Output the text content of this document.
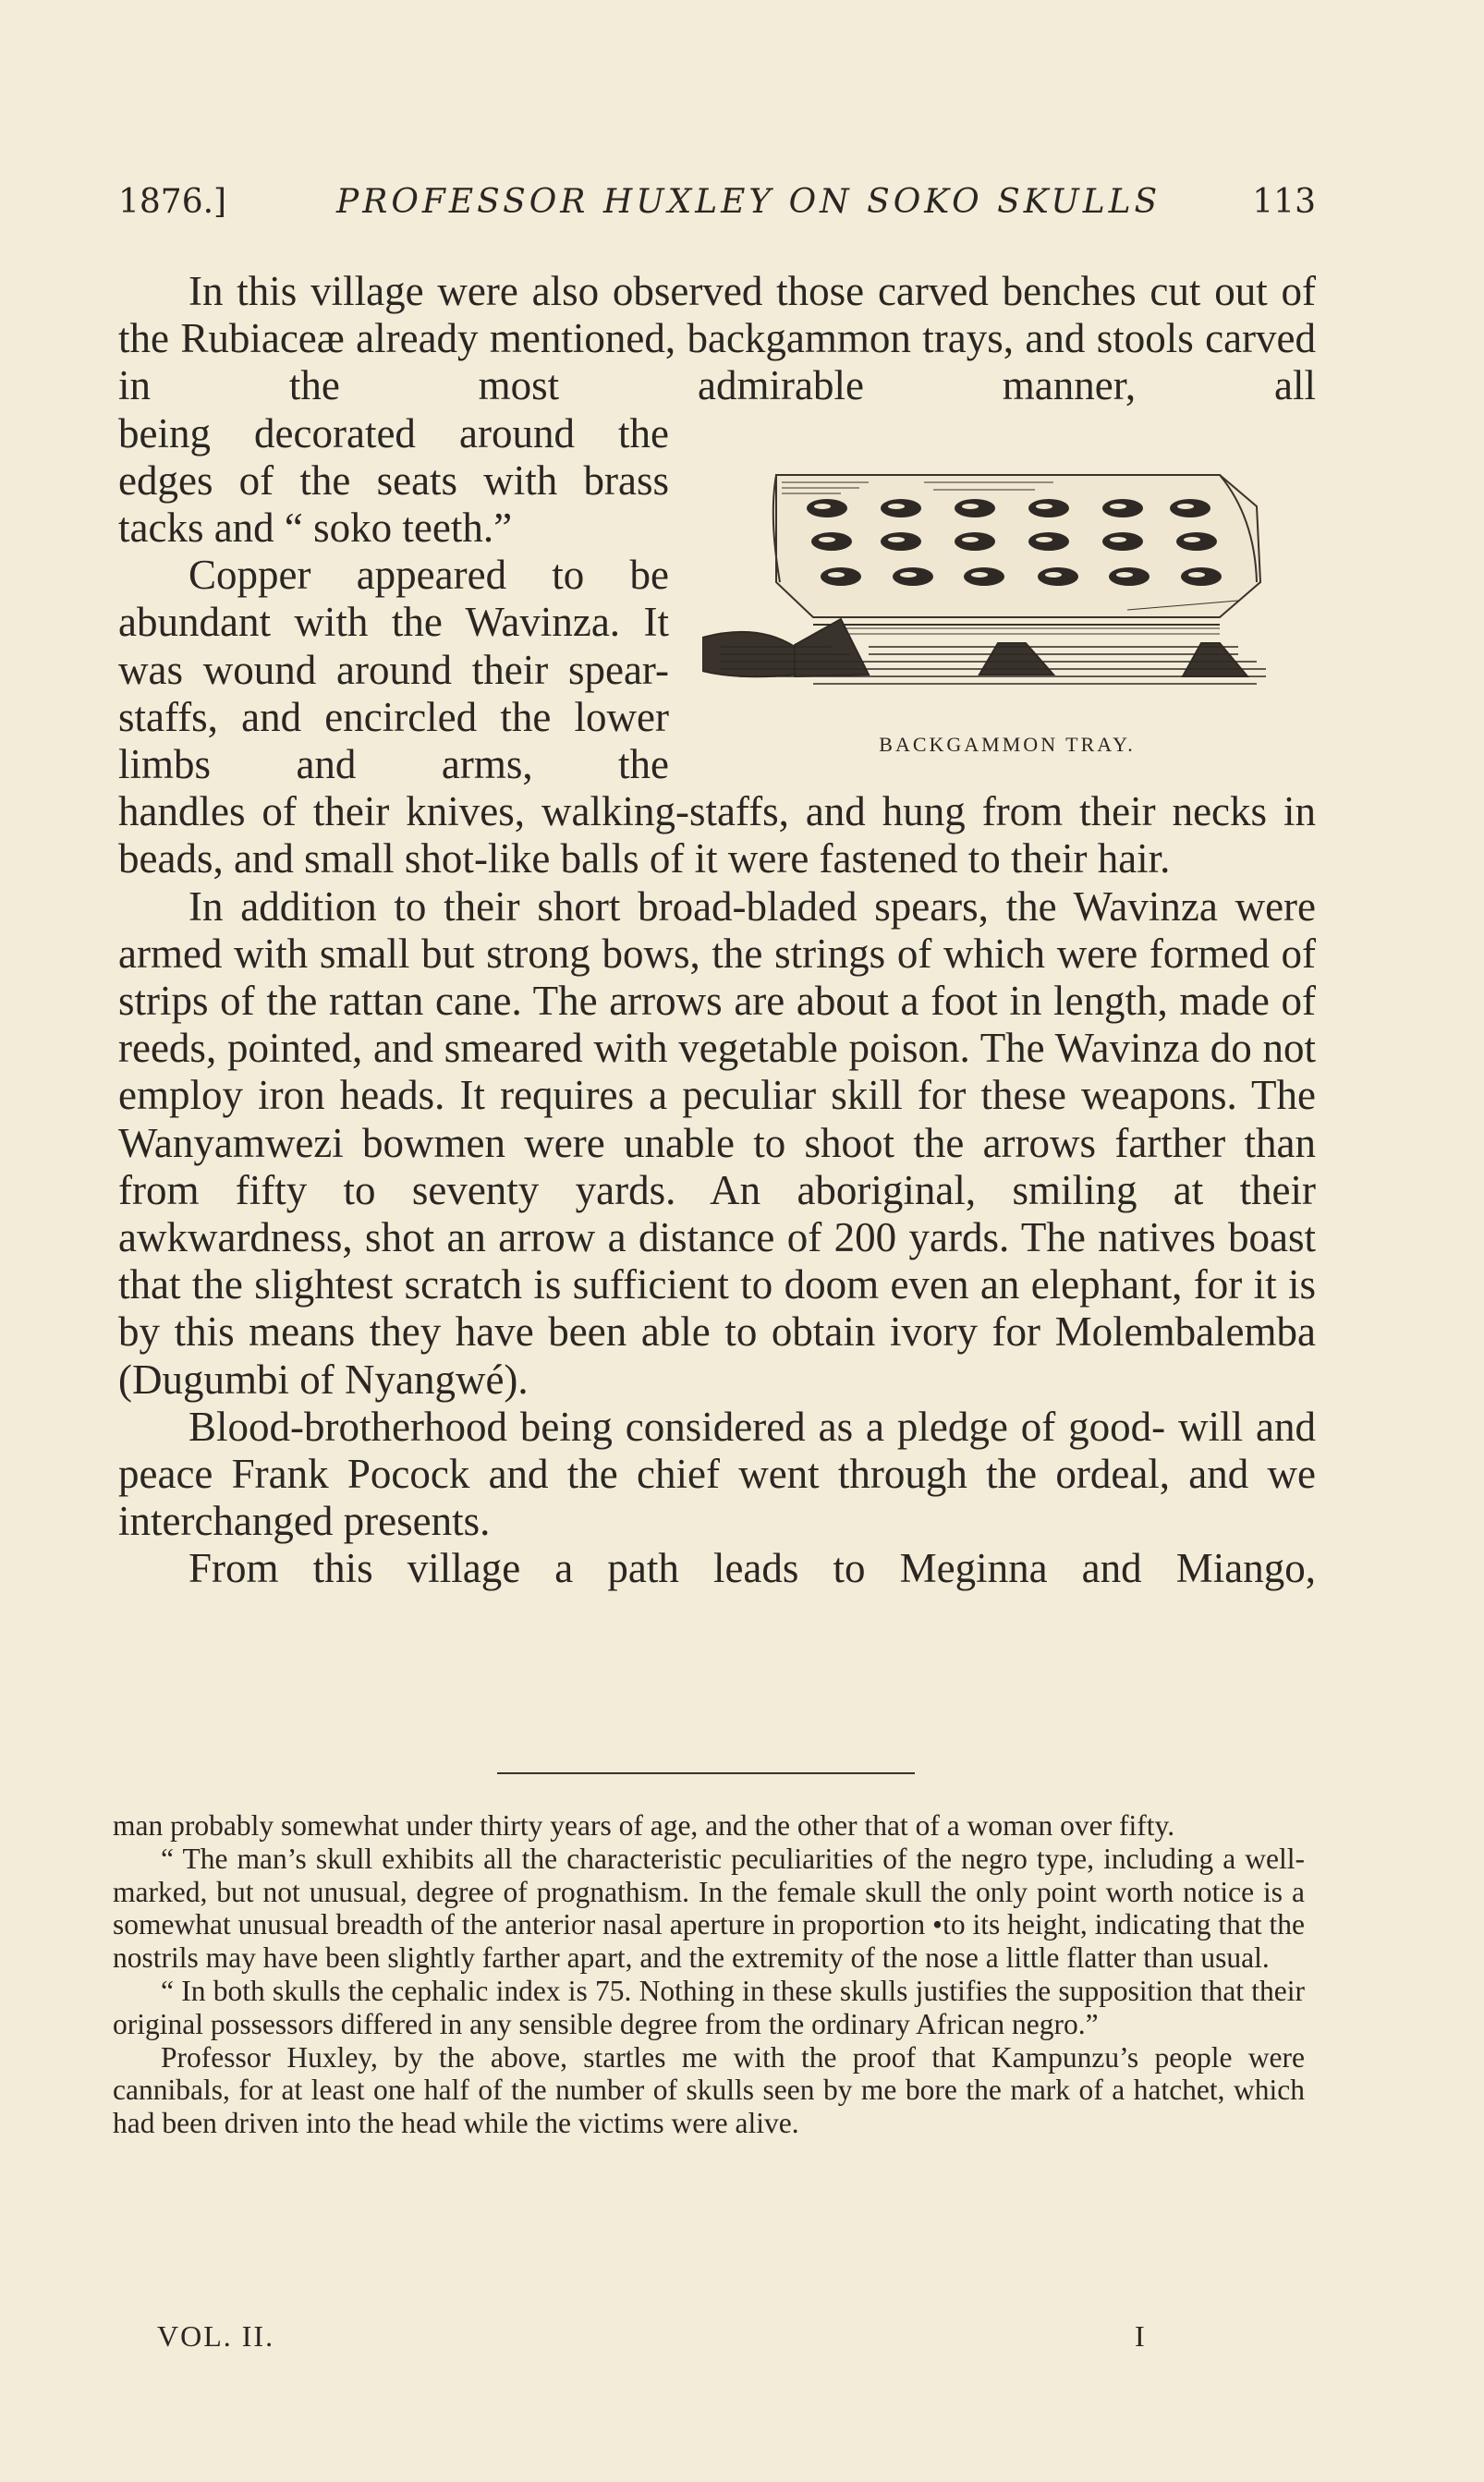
1876.]	PROFESSOR HUXLEY ON SOKO SKULLS	113

In this village were also observed those carved benches cut out of the Rubiaceæ already mentioned, backgammon trays, and stools carved in the most admirable manner, all

being decorated around the edges of the seats with brass tacks and “ soko teeth.”

Copper appeared to be abundant with the Wavinza. It was wound around their spear-staffs, and encircled the lower limbs and arms, the

handles of their knives, walking-staffs, and hung from their necks in beads, and small shot-like balls of it were fastened to their hair.

In addition to their short broad-bladed spears, the Wavinza were armed with small but strong bows, the strings of which were formed of strips of the rattan cane. The arrows are about a foot in length, made of reeds, pointed, and smeared with vegetable poison. The Wavinza do not employ iron heads. It requires a peculiar skill for these weapons. The Wanyamwezi bowmen were unable to shoot the arrows farther than from fifty to seventy yards. An aboriginal, smiling at their awkwardness, shot an arrow a distance of 200 yards. The natives boast that the slightest scratch is sufficient to doom even an elephant, for it is by this means they have been able to obtain ivory for Molembalemba (Dugumbi of Nyangwé).

Blood-brotherhood being considered as a pledge of good- will and peace Frank Pocock and the chief went through the ordeal, and we interchanged presents.

From this village a path leads to Meginna and Miango,

BACKGAMMON TRAY.

man probably somewhat under thirty years of age, and the other that of a woman over fifty.

“ The man’s skull exhibits all the characteristic peculiarities of the negro type, including a well-marked, but not unusual, degree of prognathism. In the female skull the only point worth notice is a somewhat unusual breadth of the anterior nasal aperture in proportion •to its height, indicating that the nostrils may have been slightly farther apart, and the extremity of the nose a little flatter than usual.

“ In both skulls the cephalic index is 75. Nothing in these skulls justifies the supposition that their original possessors differed in any sensible degree from the ordinary African negro.”

Professor Huxley, by the above, startles me with the proof that Kampunzu’s people were cannibals, for at least one half of the number of skulls seen by me bore the mark of a hatchet, which had been driven into the head while the victims were alive.

VOL. II.	I
